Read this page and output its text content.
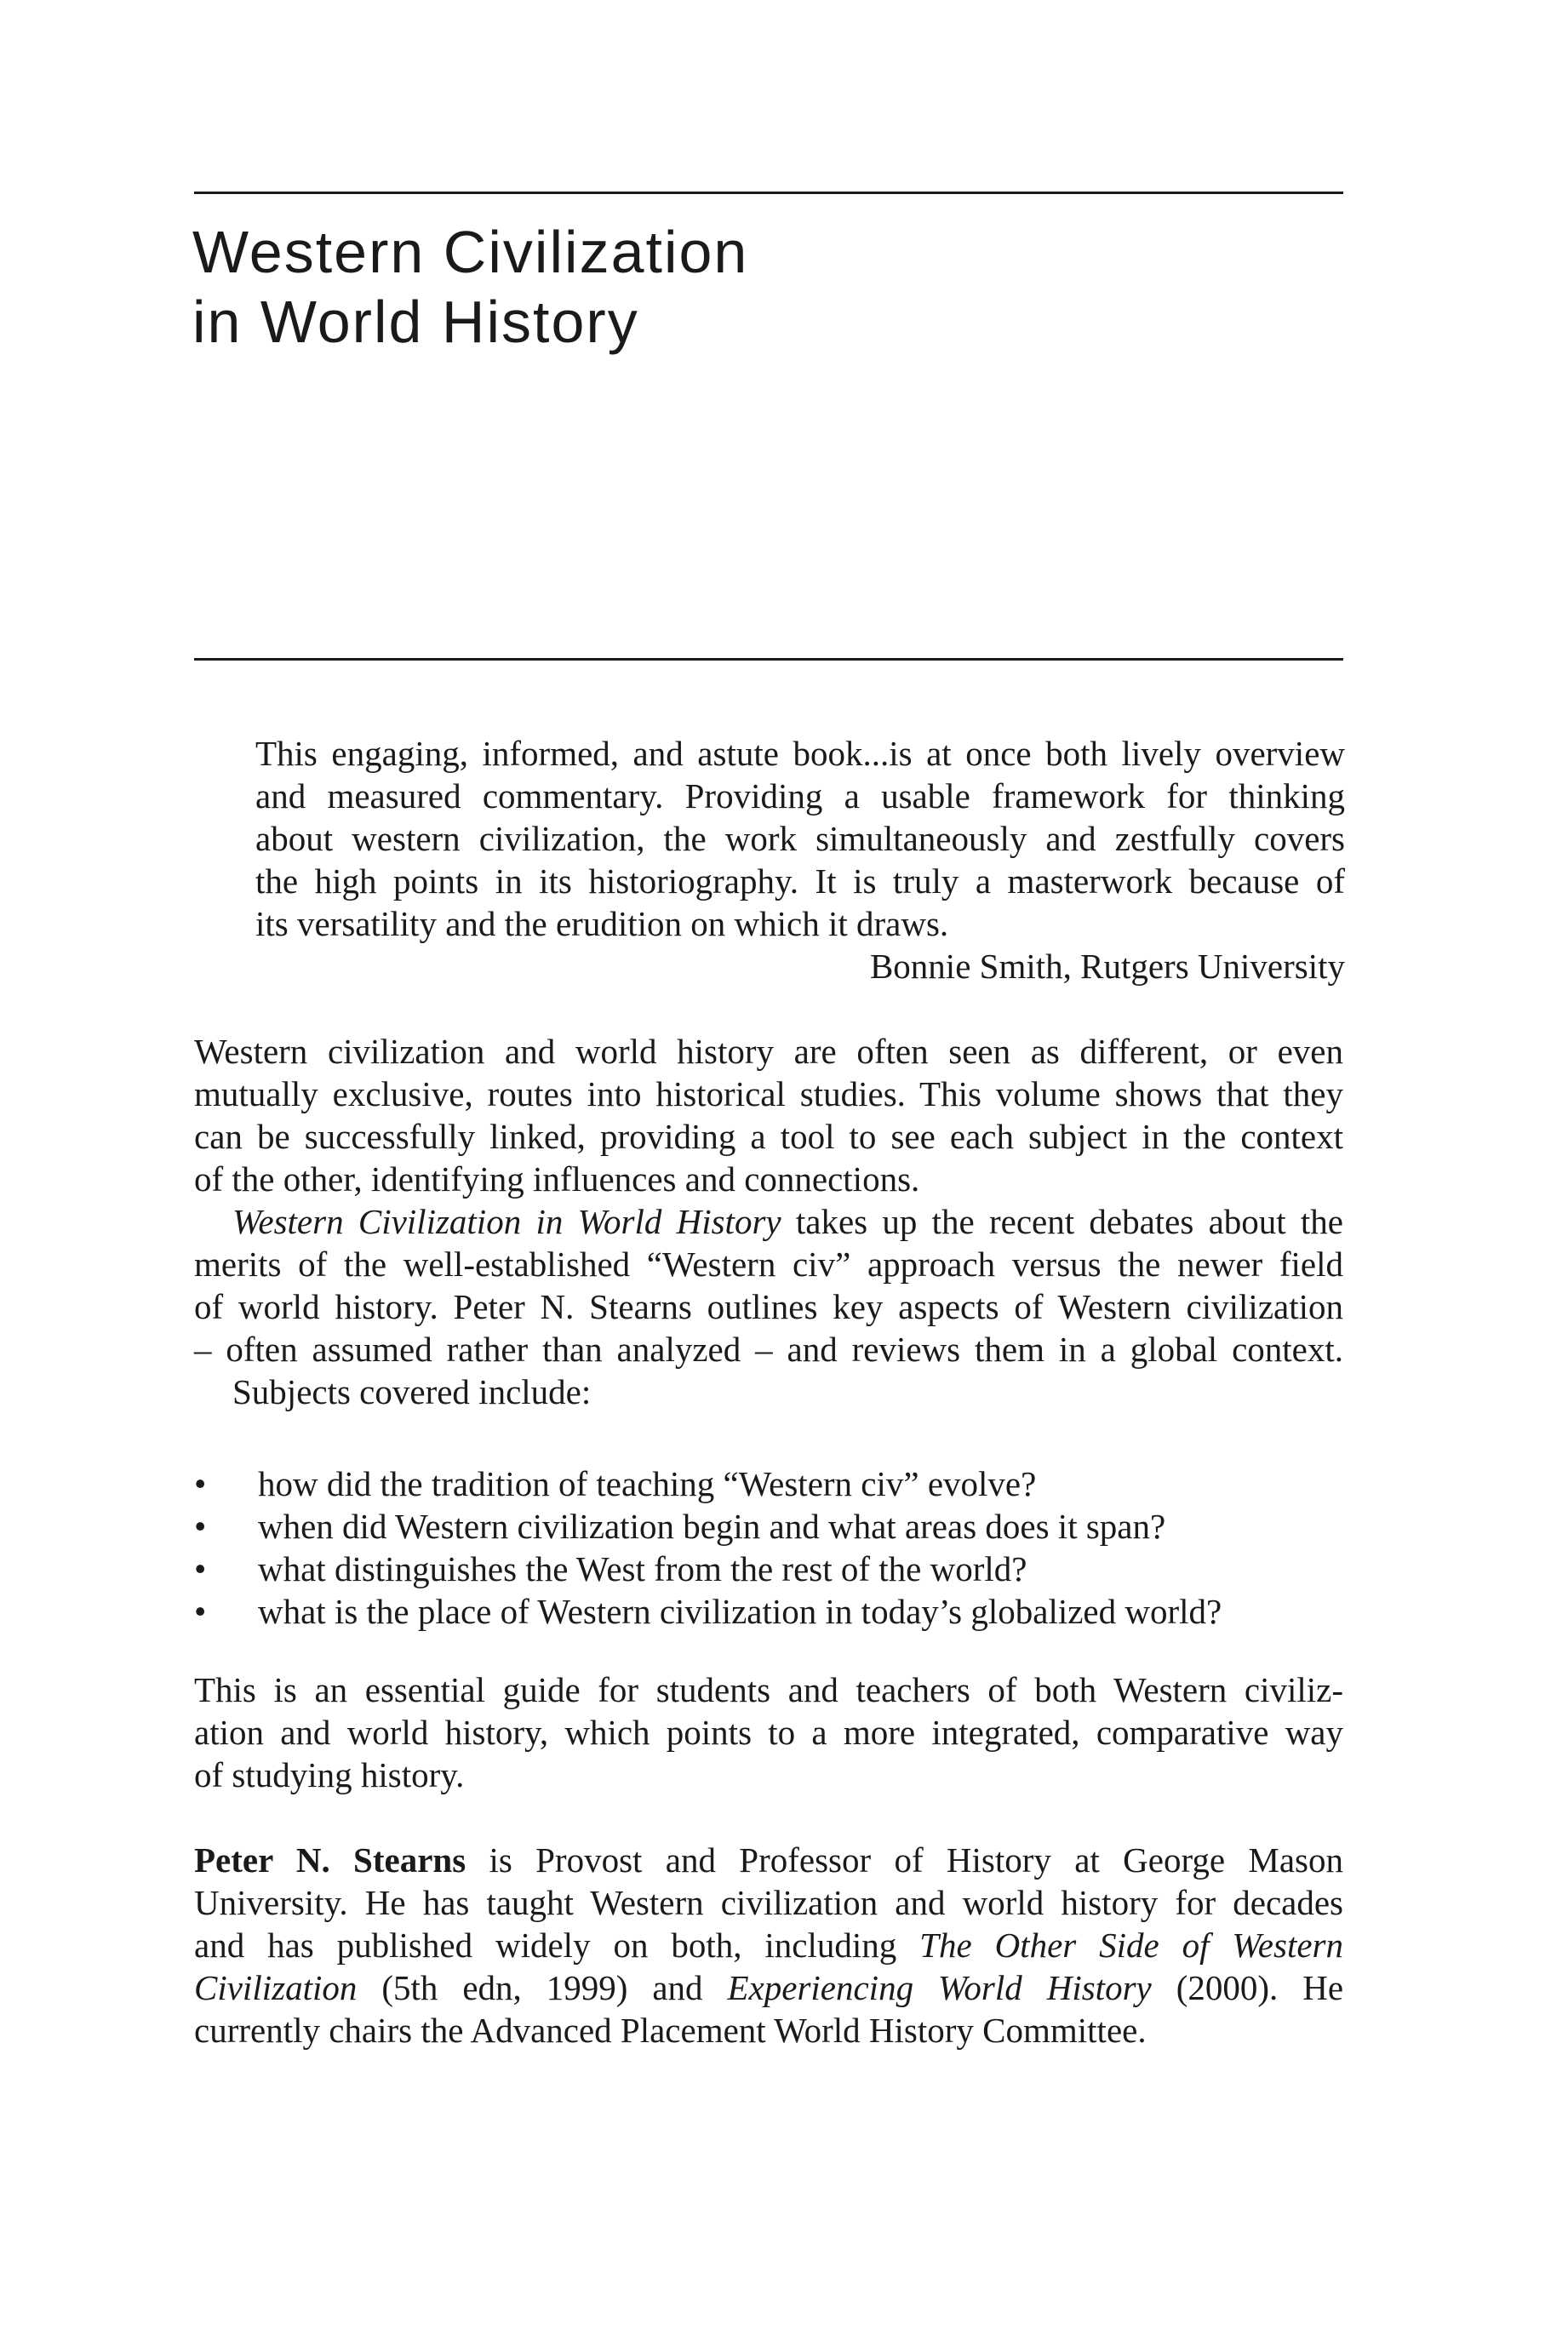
Western Civilization
in World History
This engaging, informed, and astute book...is at once both lively overview
and measured commentary. Providing a usable framework for thinking
about western civilization, the work simultaneously and zestfully covers
the high points in its historiography. It is truly a masterwork because of
its versatility and the erudition on which it draws.
Bonnie Smith, Rutgers University
Western civilization and world history are often seen as different, or even
mutually exclusive, routes into historical studies. This volume shows that they
can be successfully linked, providing a tool to see each subject in the context
of the other, identifying influences and connections.
Western Civilization in World History takes up the recent debates about the
merits of the well-established “Western civ” approach versus the newer field
of world history. Peter N. Stearns outlines key aspects of Western civilization
– often assumed rather than analyzed – and reviews them in a global context.
Subjects covered include:
• how did the tradition of teaching “Western civ” evolve?
• when did Western civilization begin and what areas does it span?
• what distinguishes the West from the rest of the world?
• what is the place of Western civilization in today’s globalized world?
This is an essential guide for students and teachers of both Western civiliz-
ation and world history, which points to a more integrated, comparative way
of studying history.
Peter N. Stearns is Provost and Professor of History at George Mason
University. He has taught Western civilization and world history for decades
and has published widely on both, including The Other Side of Western
Civilization (5th edn, 1999) and Experiencing World History (2000). He
currently chairs the Advanced Placement World History Committee.
